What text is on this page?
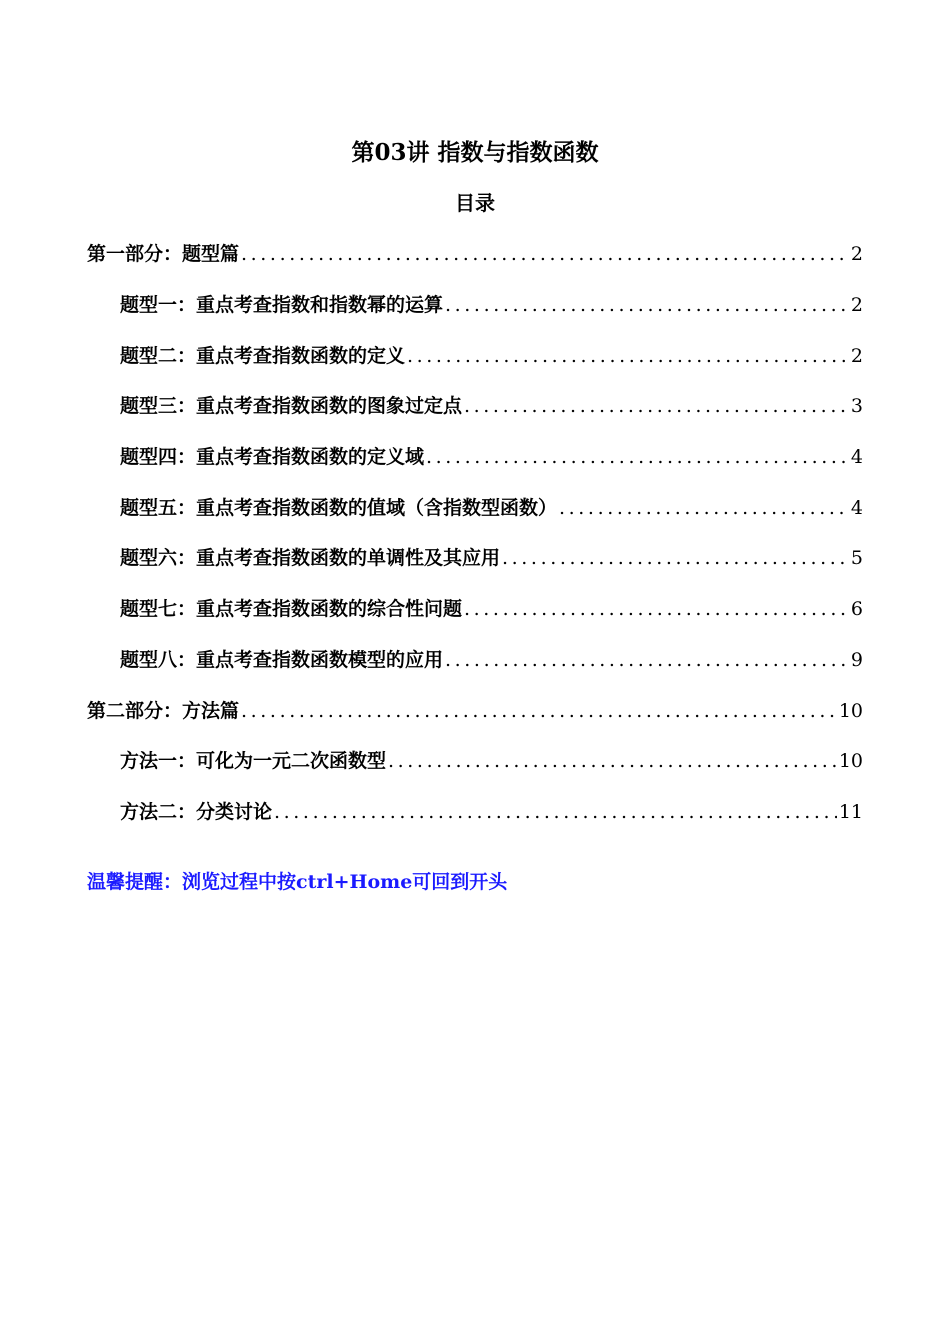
第03讲 指数与指数函数
目录
第一部分：题型篇 .....	2
题型一：重点考查指数和指数幂的运算 .....	2
题型二：重点考查指数函数的定义 .....	2
题型三：重点考查指数函数的图象过定点 .....	3
题型四：重点考查指数函数的定义域 .....	4
题型五：重点考查指数函数的值域（含指数型函数） .....	4
题型六：重点考查指数函数的单调性及其应用 .....	5
题型七：重点考查指数函数的综合性问题 .....	6
题型八：重点考查指数函数模型的应用 .....	9
第二部分：方法篇 .....	10
方法一：可化为一元二次函数型 .....	10
方法二：分类讨论 .....	11
温馨提醒：浏览过程中按ctrl+Home可回到开头
